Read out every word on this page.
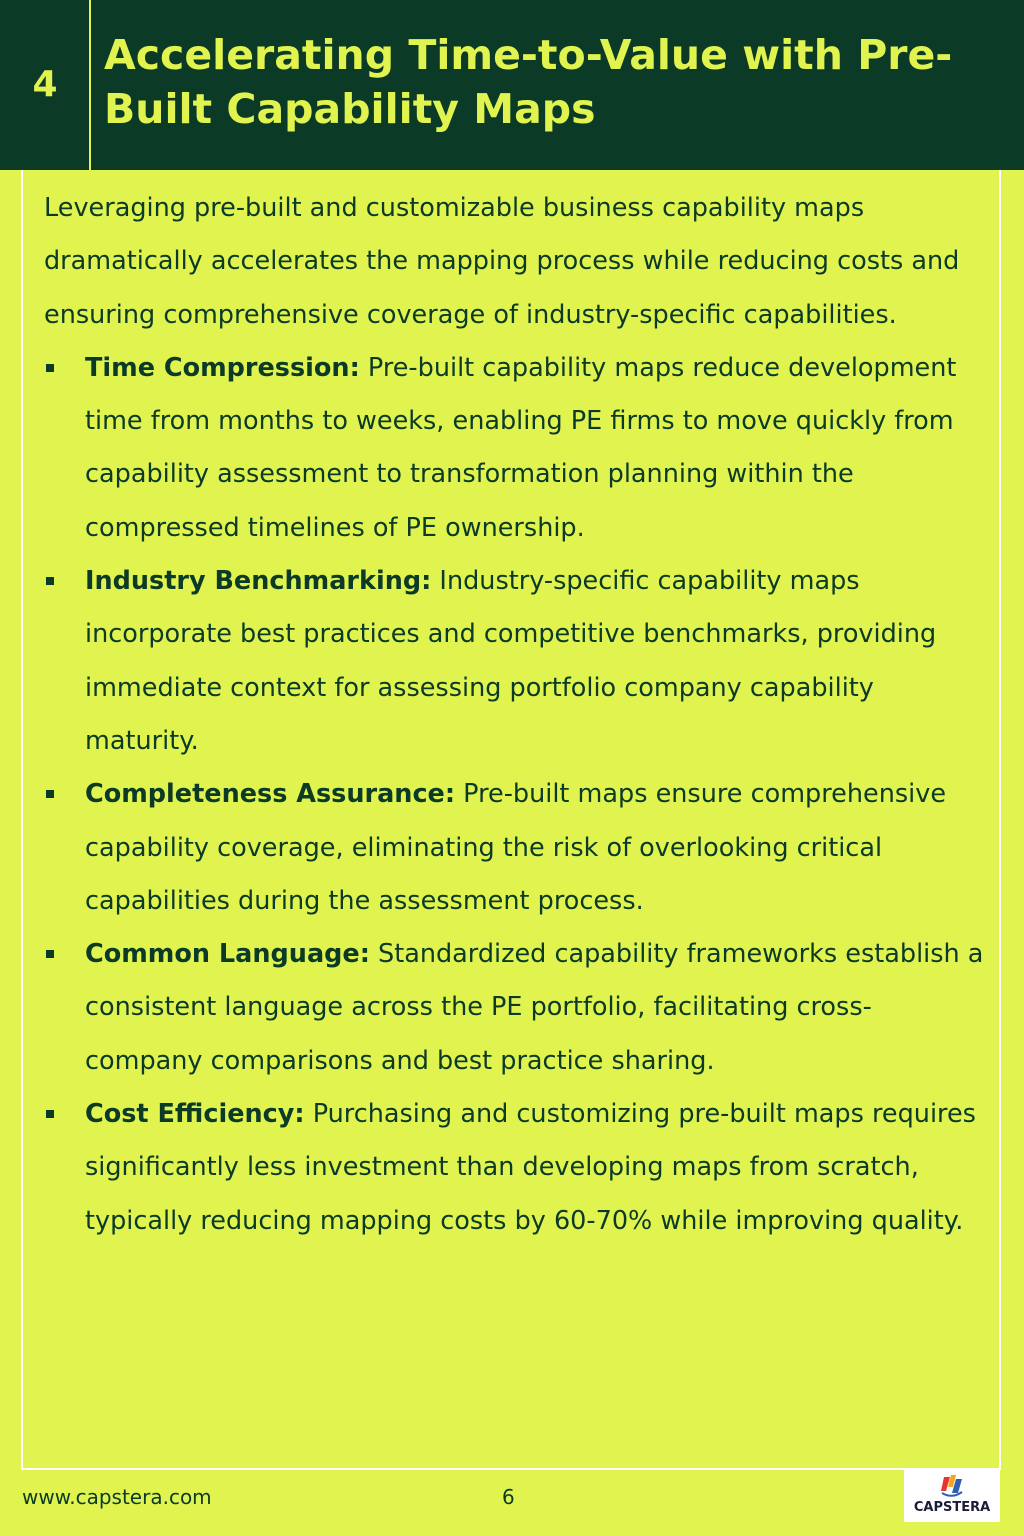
4
Accelerating Time-to-Value with Pre-
Built Capability Maps

Leveraging pre-built and customizable business capability maps dramatically accelerates the mapping process while reducing costs and ensuring comprehensive coverage of industry-specific capabilities.

Time Compression: Pre-built capability maps reduce development time from months to weeks, enabling PE firms to move quickly from capability assessment to transformation planning within the compressed timelines of PE ownership.
Industry Benchmarking: Industry-specific capability maps incorporate best practices and competitive benchmarks, providing immediate context for assessing portfolio company capability maturity.
Completeness Assurance: Pre-built maps ensure comprehensive capability coverage, eliminating the risk of overlooking critical capabilities during the assessment process.
Common Language: Standardized capability frameworks establish a consistent language across the PE portfolio, facilitating cross-company comparisons and best practice sharing.
Cost Efficiency: Purchasing and customizing pre-built maps requires significantly less investment than developing maps from scratch, typically reducing mapping costs by 60-70% while improving quality.
www.capstera.com	6	CAPSTERA
